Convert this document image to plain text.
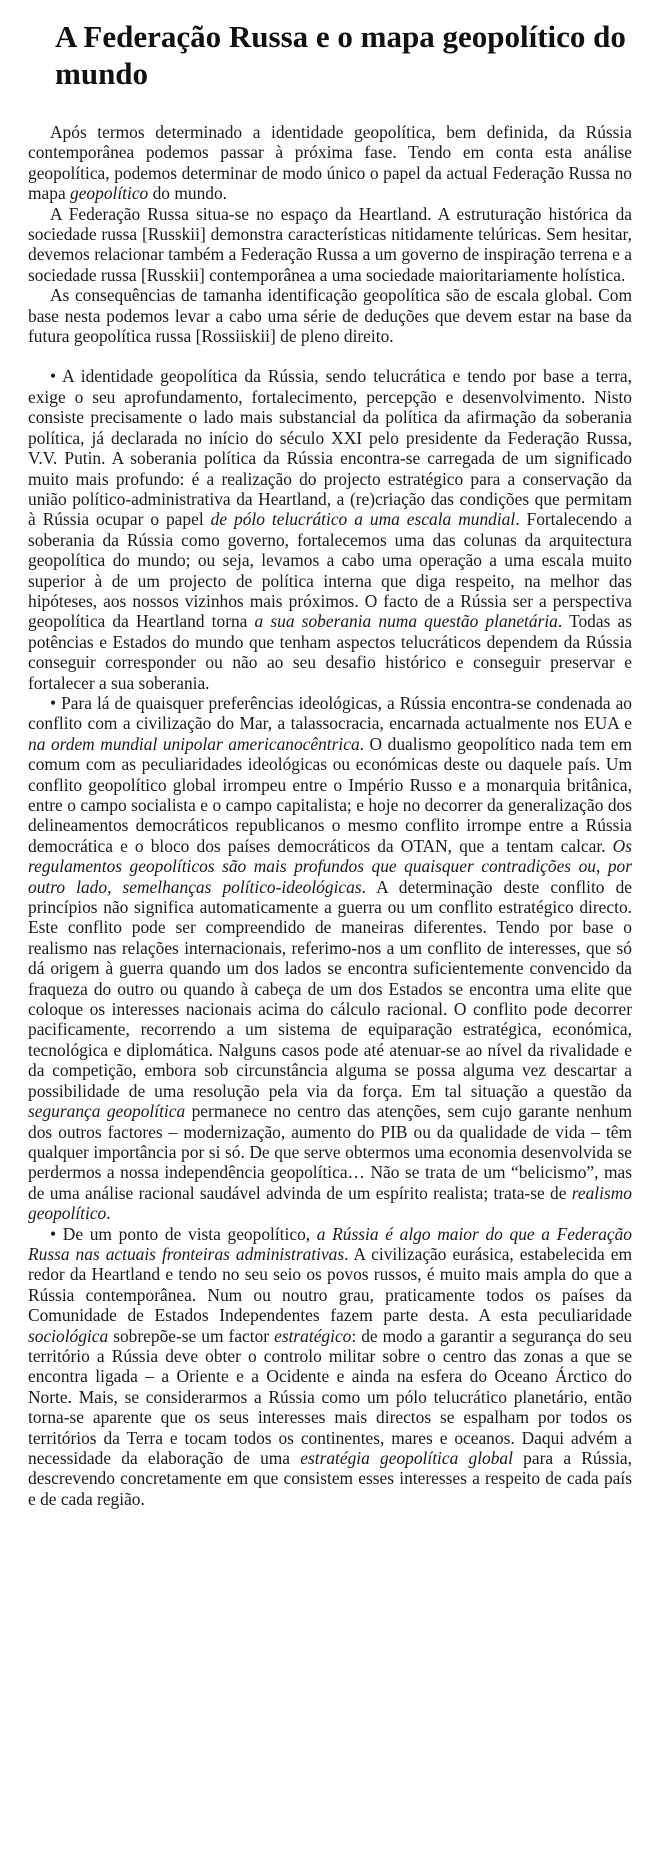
A Federação Russa e o mapa geopolítico do mundo

Após termos determinado a identidade geopolítica, bem definida, da Rússia contemporânea podemos passar à próxima fase. Tendo em conta esta análise geopolítica, podemos determinar de modo único o papel da actual Federação Russa no mapa geopolítico do mundo.

A Federação Russa situa-se no espaço da Heartland. A estruturação histórica da sociedade russa [Russkii] demonstra características nitidamente telúricas. Sem hesitar, devemos relacionar também a Federação Russa a um governo de inspiração terrena e a sociedade russa [Russkii] contemporânea a uma sociedade maioritariamente holística.

As consequências de tamanha identificação geopolítica são de escala global. Com base nesta podemos levar a cabo uma série de deduções que devem estar na base da futura geopolítica russa [Rossiiskii] de pleno direito.

• A identidade geopolítica da Rússia, sendo telucrática e tendo por base a terra, exige o seu aprofundamento, fortalecimento, percepção e desenvolvimento. Nisto consiste precisamente o lado mais substancial da política da afirmação da soberania política, já declarada no início do século XXI pelo presidente da Federação Russa, V.V. Putin. A soberania política da Rússia encontra-se carregada de um significado muito mais profundo: é a realização do projecto estratégico para a conservação da união político-administrativa da Heartland, a (re)criação das condições que permitam à Rússia ocupar o papel de pólo telucrático a uma escala mundial. Fortalecendo a soberania da Rússia como governo, fortalecemos uma das colunas da arquitectura geopolítica do mundo; ou seja, levamos a cabo uma operação a uma escala muito superior à de um projecto de política interna que diga respeito, na melhor das hipóteses, aos nossos vizinhos mais próximos. O facto de a Rússia ser a perspectiva geopolítica da Heartland torna a sua soberania numa questão planetária. Todas as potências e Estados do mundo que tenham aspectos telucráticos dependem da Rússia conseguir corresponder ou não ao seu desafio histórico e conseguir preservar e fortalecer a sua soberania.

• Para lá de quaisquer preferências ideológicas, a Rússia encontra-se condenada ao conflito com a civilização do Mar, a talassocracia, encarnada actualmente nos EUA e na ordem mundial unipolar americanocêntrica. O dualismo geopolítico nada tem em comum com as peculiaridades ideológicas ou económicas deste ou daquele país. Um conflito geopolítico global irrompeu entre o Império Russo e a monarquia britânica, entre o campo socialista e o campo capitalista; e hoje no decorrer da generalização dos delineamentos democráticos republicanos o mesmo conflito irrompe entre a Rússia democrática e o bloco dos países democráticos da OTAN, que a tentam calcar. Os regulamentos geopolíticos são mais profundos que quaisquer contradições ou, por outro lado, semelhanças político-ideológicas. A determinação deste conflito de princípios não significa automaticamente a guerra ou um conflito estratégico directo. Este conflito pode ser compreendido de maneiras diferentes. Tendo por base o realismo nas relações internacionais, referimo-nos a um conflito de interesses, que só dá origem à guerra quando um dos lados se encontra suficientemente convencido da fraqueza do outro ou quando à cabeça de um dos Estados se encontra uma elite que coloque os interesses nacionais acima do cálculo racional. O conflito pode decorrer pacificamente, recorrendo a um sistema de equiparação estratégica, económica, tecnológica e diplomática. Nalguns casos pode até atenuar-se ao nível da rivalidade e da competição, embora sob circunstância alguma se possa alguma vez descartar a possibilidade de uma resolução pela via da força. Em tal situação a questão da segurança geopolítica permanece no centro das atenções, sem cujo garante nenhum dos outros factores – modernização, aumento do PIB ou da qualidade de vida – têm qualquer importância por si só. De que serve obtermos uma economia desenvolvida se perdermos a nossa independência geopolítica… Não se trata de um “belicismo”, mas de uma análise racional saudável advinda de um espírito realista; trata-se de realismo geopolítico.

• De um ponto de vista geopolítico, a Rússia é algo maior do que a Federação Russa nas actuais fronteiras administrativas. A civilização eurásica, estabelecida em redor da Heartland e tendo no seu seio os povos russos, é muito mais ampla do que a Rússia contemporânea. Num ou noutro grau, praticamente todos os países da Comunidade de Estados Independentes fazem parte desta. A esta peculiaridade sociológica sobrepõe-se um factor estratégico: de modo a garantir a segurança do seu território a Rússia deve obter o controlo militar sobre o centro das zonas a que se encontra ligada – a Oriente e a Ocidente e ainda na esfera do Oceano Árctico do Norte. Mais, se considerarmos a Rússia como um pólo telucrático planetário, então torna-se aparente que os seus interesses mais directos se espalham por todos os territórios da Terra e tocam todos os continentes, mares e oceanos. Daqui advém a necessidade da elaboração de uma estratégia geopolítica global para a Rússia, descrevendo concretamente em que consistem esses interesses a respeito de cada país e de cada região.
